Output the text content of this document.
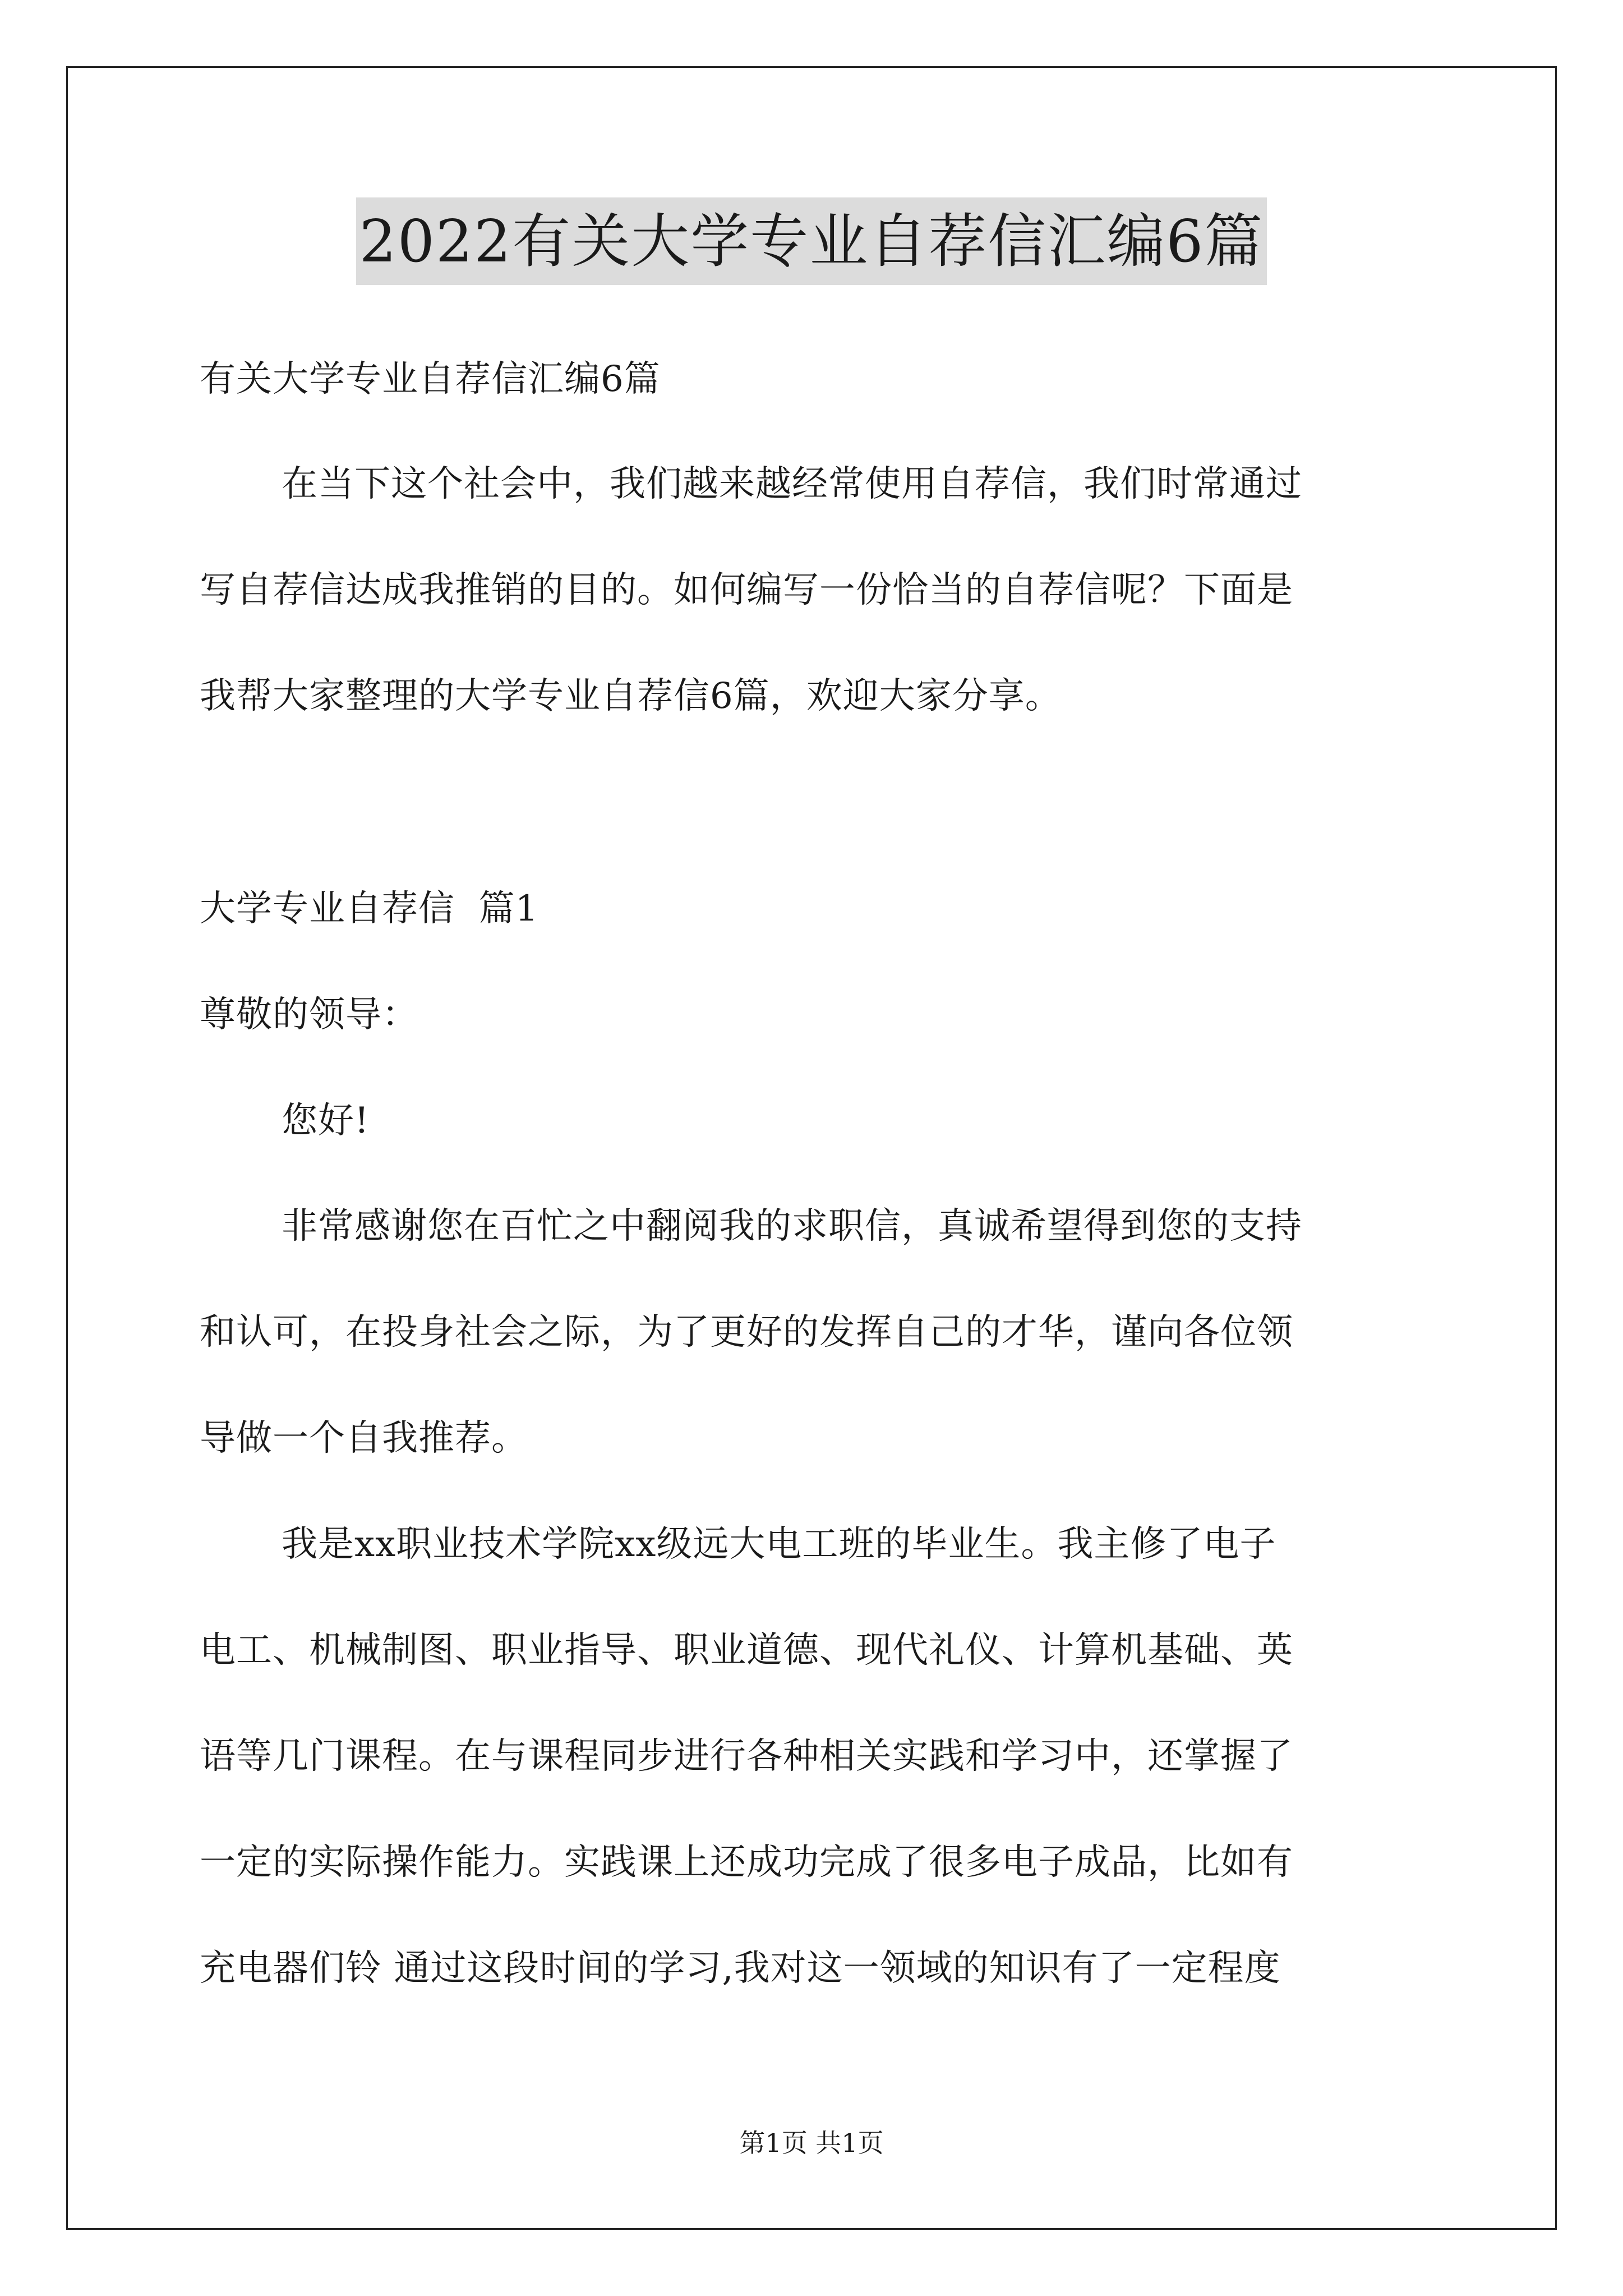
2022有关大学专业自荐信汇编6篇

有关大学专业自荐信汇编6篇

在当下这个社会中，我们越来越经常使用自荐信，我们时常通过

写自荐信达成我推销的目的。如何编写一份恰当的自荐信呢？下面是

我帮大家整理的大学专业自荐信6篇，欢迎大家分享。

大学专业自荐信  篇1

尊敬的领导：

您好!

非常感谢您在百忙之中翻阅我的求职信，真诚希望得到您的支持

和认可，在投身社会之际，为了更好的发挥自己的才华，谨向各位领

导做一个自我推荐。

我是xx职业技术学院xx级远大电工班的毕业生。我主修了电子

电工、机械制图、职业指导、职业道德、现代礼仪、计算机基础、英

语等几门课程。在与课程同步进行各种相关实践和学习中，还掌握了

一定的实际操作能力。实践课上还成功完成了很多电子成品，比如有

充电器们铃 通过这段时间的学习,我对这一领域的知识有了一定程度

第1页 共1页
